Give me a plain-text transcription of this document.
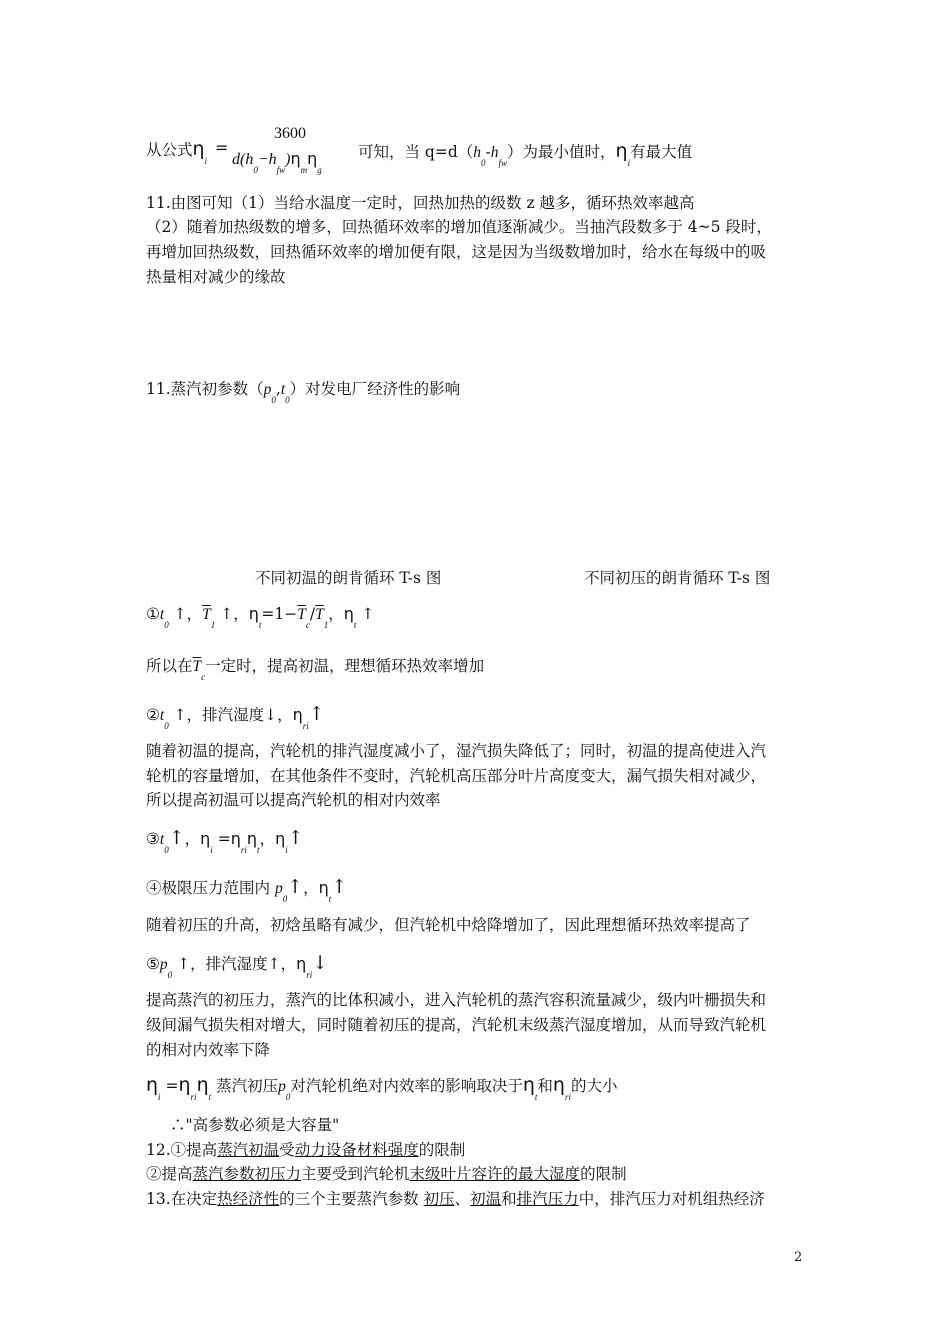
从公式$\eta_i$
=
3600
$d(h_0-h_{fw})\eta_m\eta_g$
可知，当 $q=d(h_0-h_{fw})$为最小值时，$\eta_i$有最大值
11.由图可知（1）当给水温度一定时，回热加热的级数 z 越多，循环热效率越高
（2）随着加热级数的增多，回热循环效率的增加值逐渐减少。当抽汽段数多于 4~5 段时，
再增加回热级数，回热循环效率的增加便有限，这是因为当级数增加时，给水在每级中的吸
热量相对减少的缘故
11.蒸汽初参数$(p_0,t_0)$对发电厂经济性的影响
不同初温的朗肯循环 T-s 图	不同初压的朗肯循环 T-s 图
$①t_0$ ↑，$\overline{T}_1$ ↑，$\eta_t=1-\overline{T}_c/\overline{T}_1$，$\eta_t$ ↑
所以在$\overline{T}_c$一定时，提高初温，理想循环热效率增加
$②t_0$ ↑，排汽湿度↓，$\eta_{ri}↑$
随着初温的提高，汽轮机的排汽湿度减小了，湿汽损失降低了；同时，初温的提高使进入汽
轮机的容量增加，在其他条件不变时，汽轮机高压部分叶片高度变大，漏气损失相对减少，
所以提高初温可以提高汽轮机的相对内效率
$③t_0↑$，$\eta_i =\eta_{ri}\eta_t$，$\eta_i↑$
④极限压力范围内 $p_0↑$，$\eta_t↑$
随着初压的升高，初焓虽略有减少，但汽轮机中焓降增加了，因此理想循环热效率提高了
$⑤p_0$ ↑，排汽湿度↑，$\eta_{ri}↓$
提高蒸汽的初压力，蒸汽的比体积减小，进入汽轮机的蒸汽容积流量减少，级内叶栅损失和
级间漏气损失相对增大，同时随着初压的提高，汽轮机末级蒸汽湿度增加，从而导致汽轮机
的相对内效率下降
$\eta_i =\eta_{ri}\eta_t$ 蒸汽初压$p_0$对汽轮机绝对内效率的影响取决于$\eta_t$和$\eta_{ri}$的大小
∴"高参数必须是大容量"
12.①提高蒸汽初温受动力设备材料强度的限制
②提高蒸汽参数初压力主要受到汽轮机末级叶片容许的最大湿度的限制
13.在决定热经济性的三个主要蒸汽参数 初压、初温和排汽压力中，排汽压力对机组热经济
2
